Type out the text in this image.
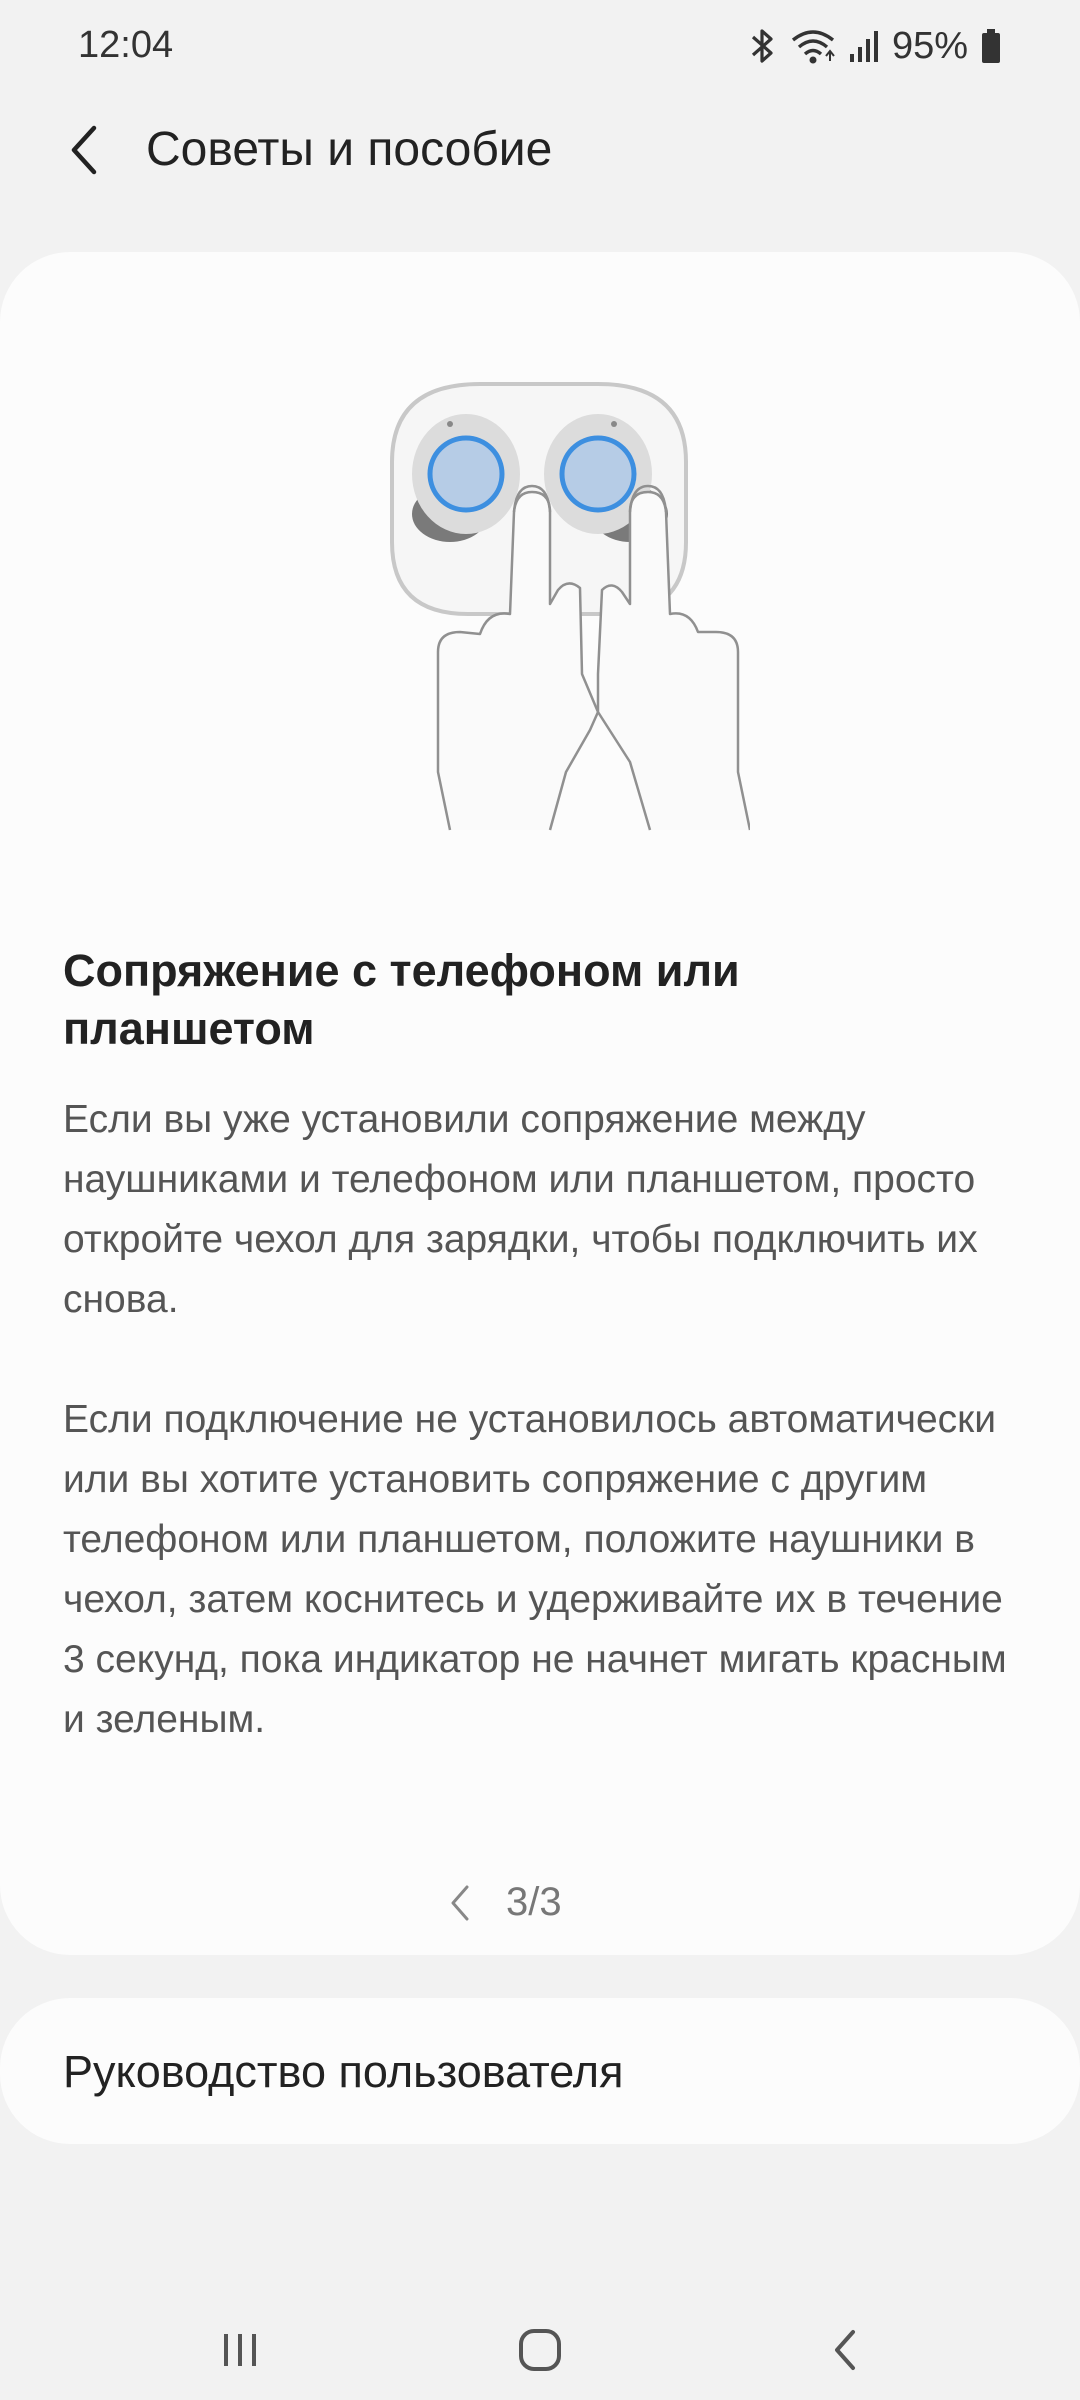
12:04	95%
Советы и пособие
Сопряжение с телефоном или планшетом

Если вы уже установили сопряжение между наушниками и телефоном или планшетом, просто откройте чехол для зарядки, чтобы подключить их снова.

Если подключение не установилось автоматически или вы хотите установить сопряжение с другим телефоном или планшетом, положите наушники в чехол, затем коснитесь и удерживайте их в течение 3 секунд, пока индикатор не начнет мигать красным и зеленым.

3/3
Руководство пользователя
